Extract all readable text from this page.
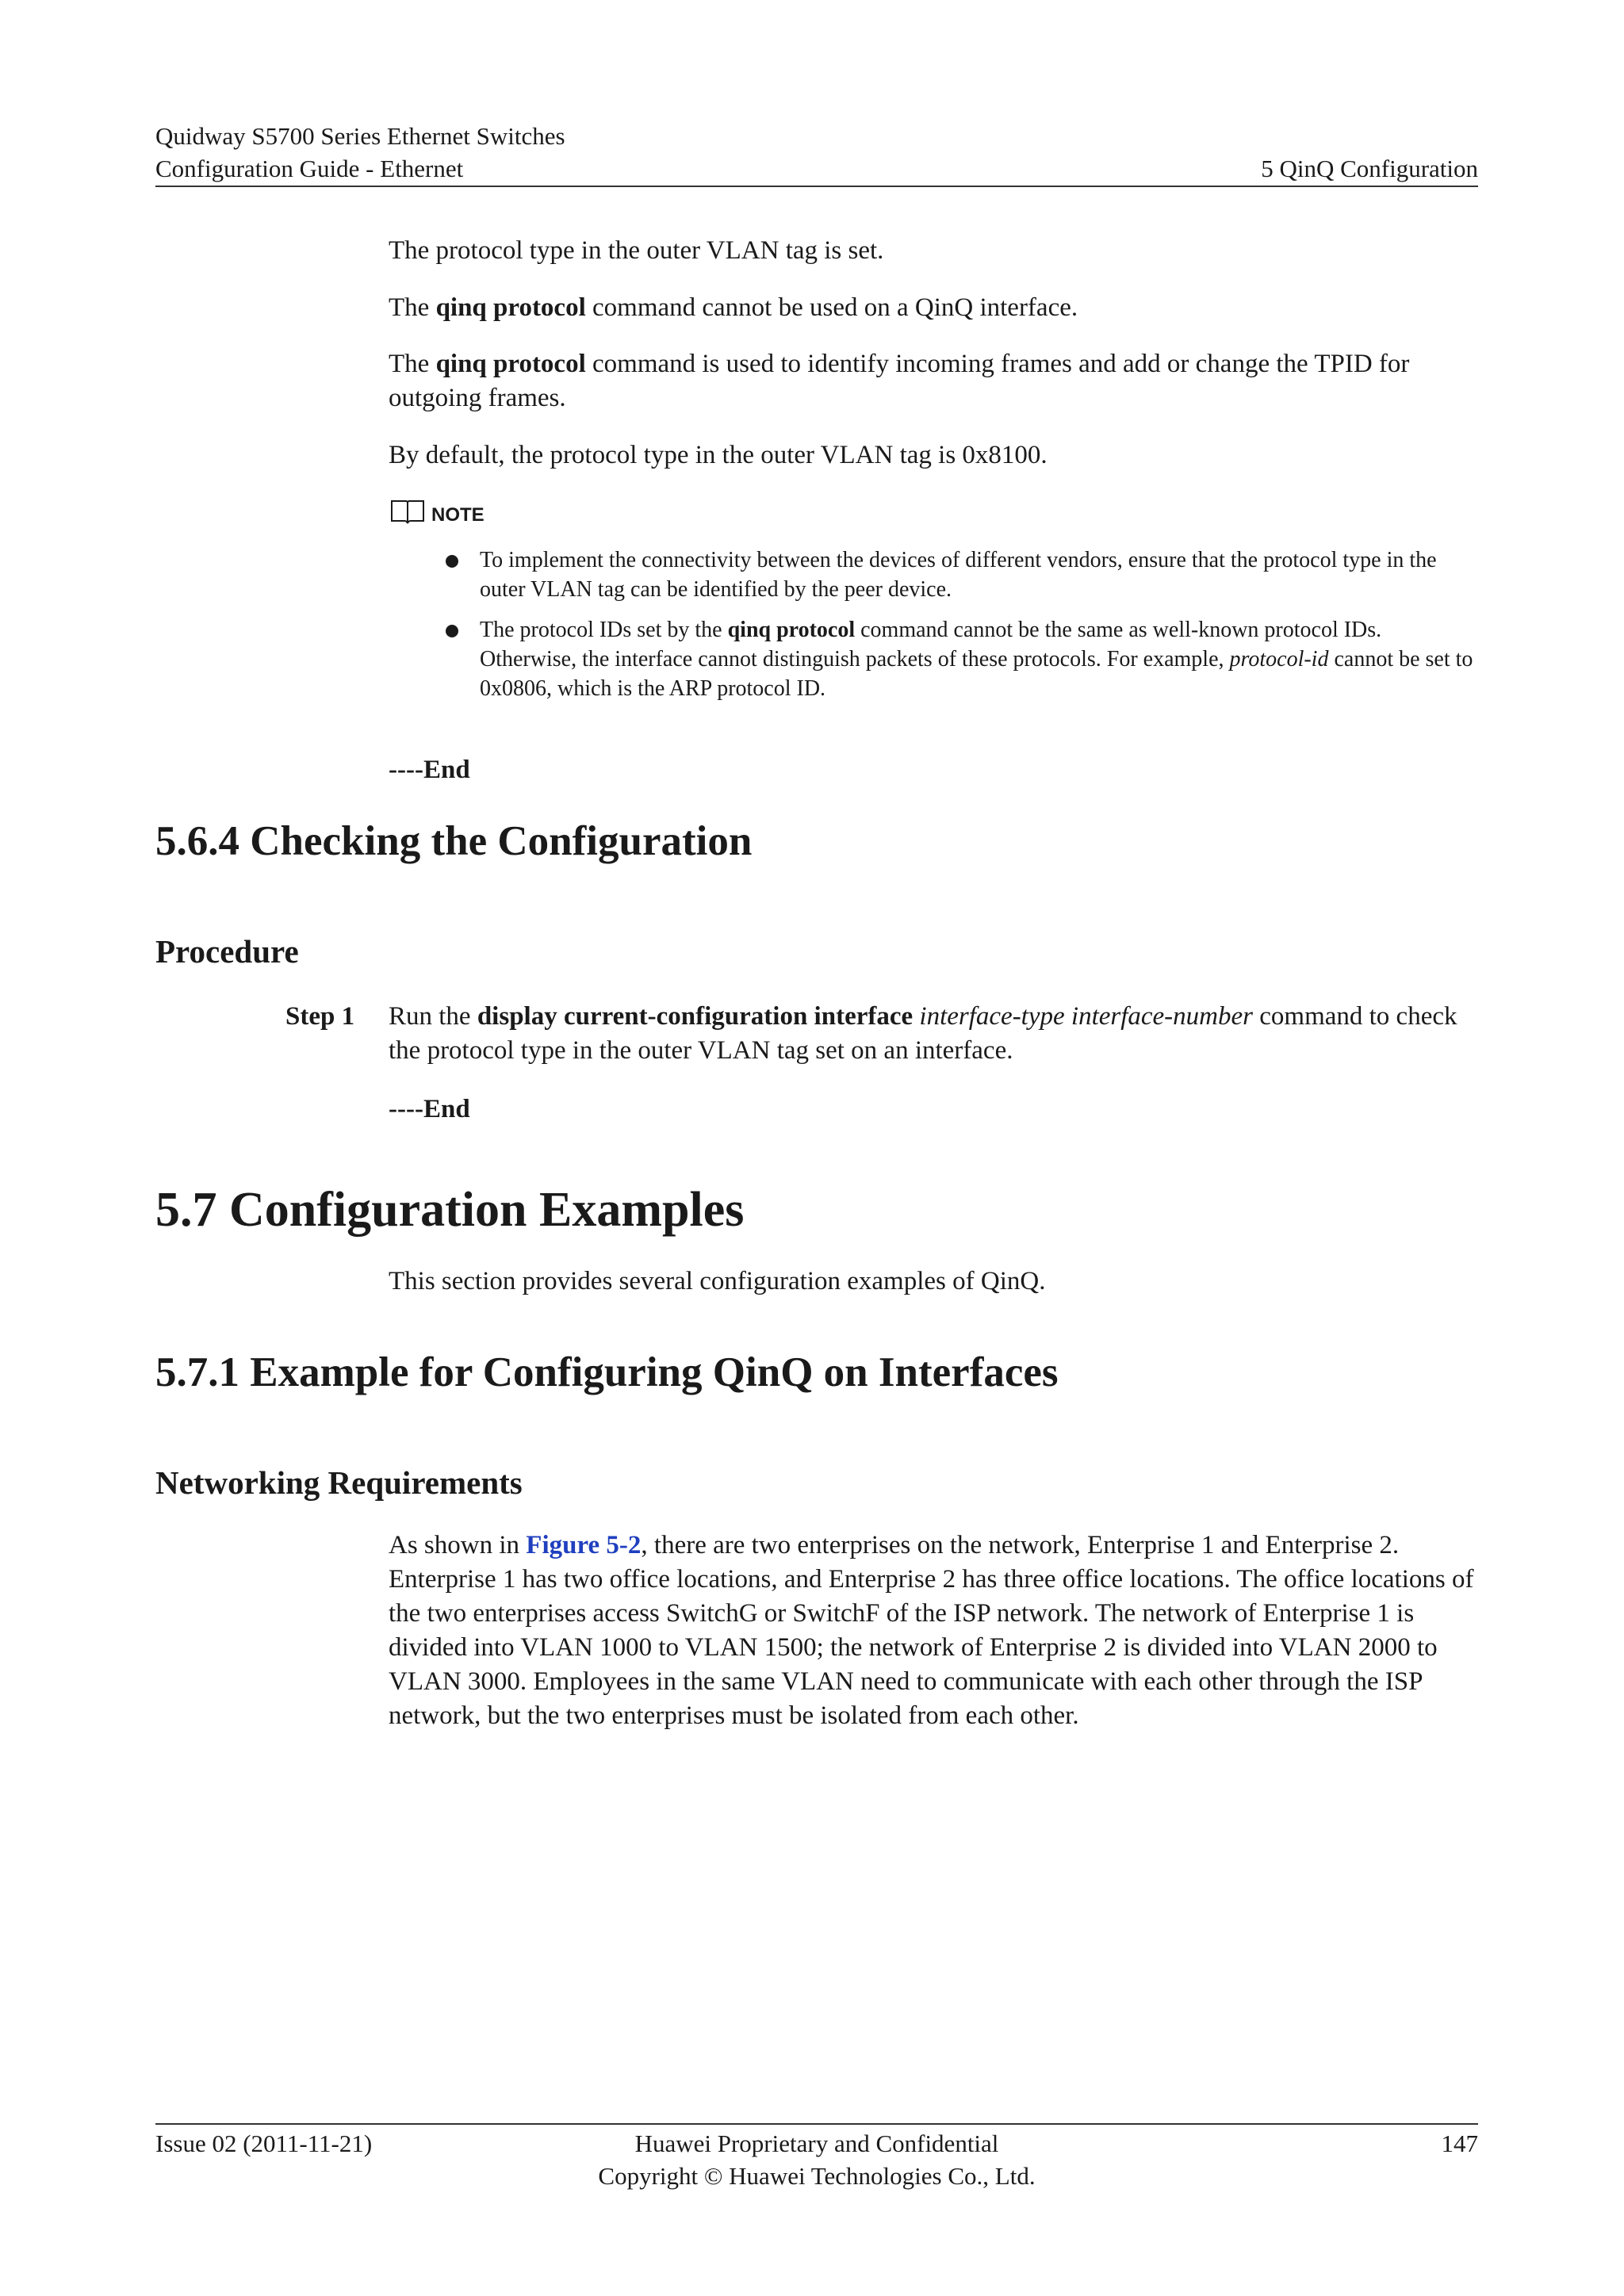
Quidway S5700 Series Ethernet Switches
Configuration Guide - Ethernet	5 QinQ Configuration
The protocol type in the outer VLAN tag is set.
The qinq protocol command cannot be used on a QinQ interface.
The qinq protocol command is used to identify incoming frames and add or change the TPID for outgoing frames.
By default, the protocol type in the outer VLAN tag is 0x8100.
NOTE
To implement the connectivity between the devices of different vendors, ensure that the protocol type in the outer VLAN tag can be identified by the peer device.
The protocol IDs set by the qinq protocol command cannot be the same as well-known protocol IDs. Otherwise, the interface cannot distinguish packets of these protocols. For example, protocol-id cannot be set to 0x0806, which is the ARP protocol ID.
----End
5.6.4 Checking the Configuration
Procedure
Step 1 Run the display current-configuration interface interface-type interface-number command to check the protocol type in the outer VLAN tag set on an interface.
----End
5.7 Configuration Examples
This section provides several configuration examples of QinQ.
5.7.1 Example for Configuring QinQ on Interfaces
Networking Requirements
As shown in Figure 5-2, there are two enterprises on the network, Enterprise 1 and Enterprise 2. Enterprise 1 has two office locations, and Enterprise 2 has three office locations. The office locations of the two enterprises access SwitchG or SwitchF of the ISP network. The network of Enterprise 1 is divided into VLAN 1000 to VLAN 1500; the network of Enterprise 2 is divided into VLAN 2000 to VLAN 3000. Employees in the same VLAN need to communicate with each other through the ISP network, but the two enterprises must be isolated from each other.
Issue 02 (2011-11-21)	Huawei Proprietary and Confidential
Copyright © Huawei Technologies Co., Ltd.
147
